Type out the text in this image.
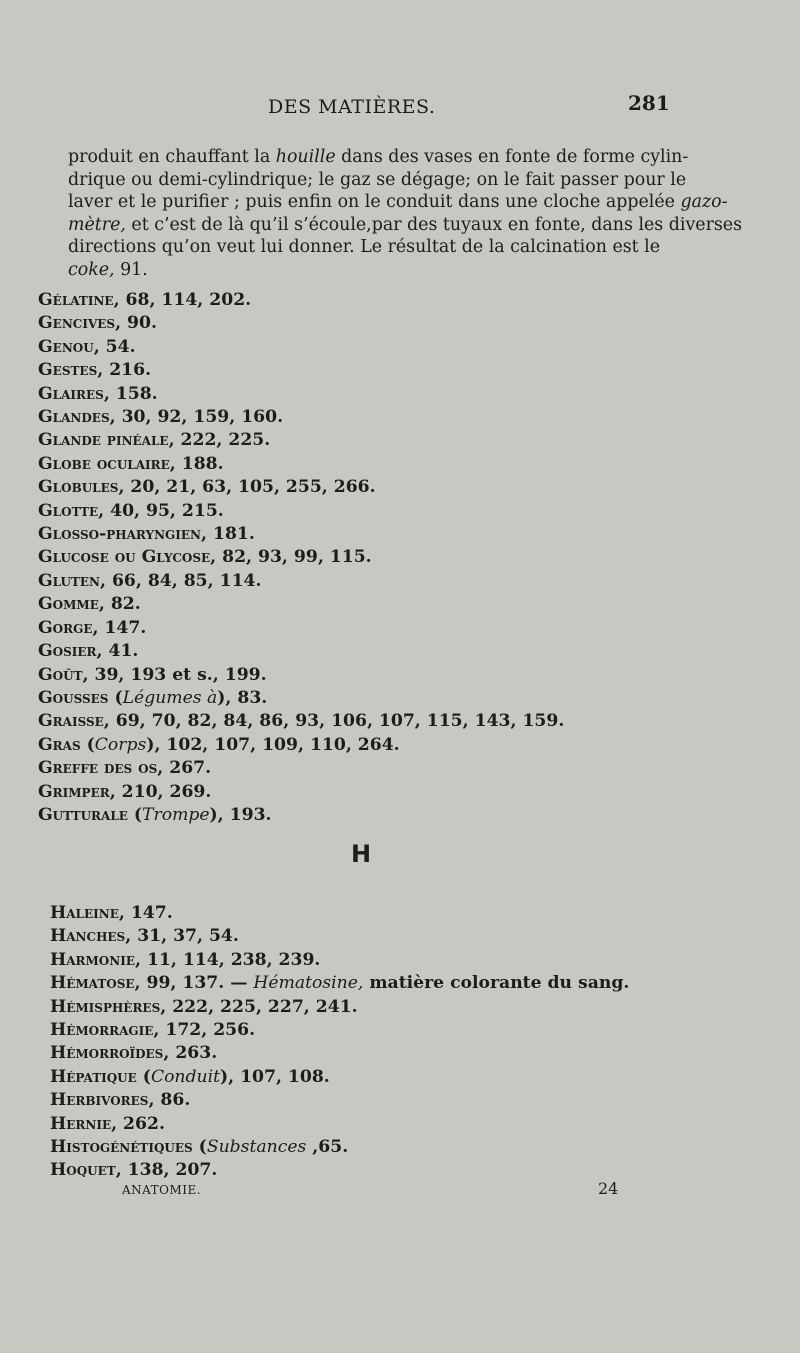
DES MATIÈRES.	281
produit en chauffant la houille dans des vases en fonte de forme cylin-
drique ou demi-cylindrique; le gaz se dégage; on le fait passer pour le
laver et le purifier ; puis enfin on le conduit dans une cloche appelée gazo-
mètre, et c’est de là qu’il s’écoule,par des tuyaux en fonte, dans les diverses
directions qu’on veut lui donner. Le résultat de la calcination est le
coke, 91.
Gélatine, 68, 114, 202.
Gencives, 90.
Genou, 54.
Gestes, 216.
Glaires, 158.
Glandes, 30, 92, 159, 160.
Glande pinéale, 222, 225.
Globe oculaire, 188.
Globules, 20, 21, 63, 105, 255, 266.
Glotte, 40, 95, 215.
Glosso-pharyngien, 181.
Glucose ou Glycose, 82, 93, 99, 115.
Gluten, 66, 84, 85, 114.
Gomme, 82.
Gorge, 147.
Gosier, 41.
Goût, 39, 193 et s., 199.
Gousses (Légumes à), 83.
Graisse, 69, 70, 82, 84, 86, 93, 106, 107, 115, 143, 159.
Gras (Corps), 102, 107, 109, 110, 264.
Greffe des os, 267.
Grimper, 210, 269.
Gutturale (Trompe), 193.
H
Haleine, 147.
Hanches, 31, 37, 54.
Harmonie, 11, 114, 238, 239.
Hématose, 99, 137. — Hématosine, matière colorante du sang.
Hémisphères, 222, 225, 227, 241.
Hémorragie, 172, 256.
Hémorroïdes, 263.
Hépatique (Conduit), 107, 108.
Herbivores, 86.
Hernie, 262.
Histogénétiques (Substances ,65.
Hoquet, 138, 207.
ANATOMIE.	24
